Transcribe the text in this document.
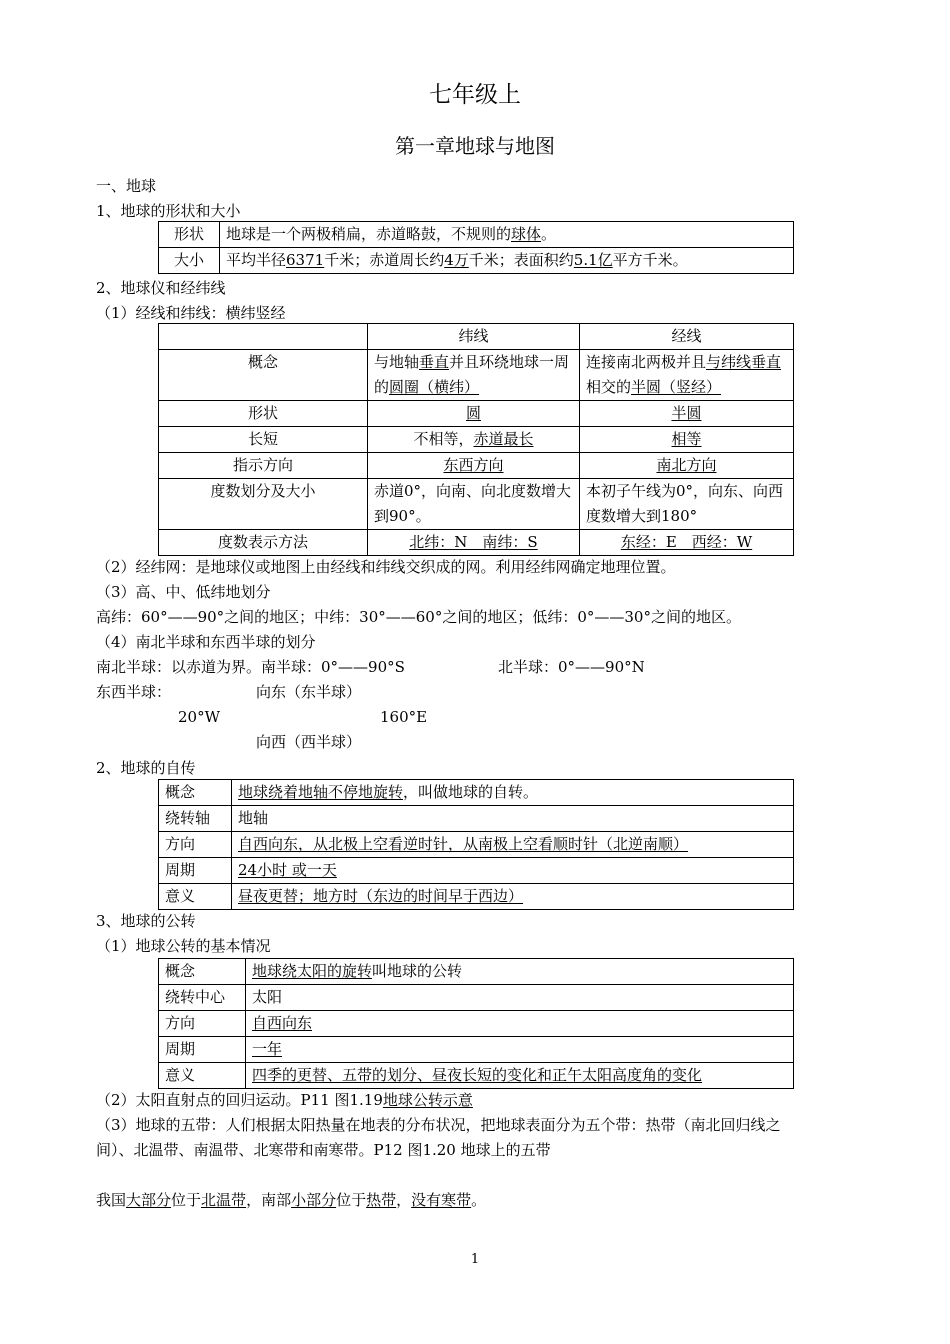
七年级上
第一章地球与地图
一、地球
1、地球的形状和大小
形状	地球是一个两极稍扁，赤道略鼓，不规则的球体。
大小	平均半径6371千米；赤道周长约4万千米；表面积约5.1亿平方千米。
2、地球仪和经纬线
（1）经线和纬线：横纬竖经
	纬线	经线
概念	与地轴垂直并且环绕地球一周的圆圈（横纬）	连接南北两极并且与纬线垂直相交的半圆（竖经）
形状	圆	半圆
长短	不相等，赤道最长	相等
指示方向	东西方向	南北方向
度数划分及大小	赤道0°，向南、向北度数增大到90°。	本初子午线为0°，向东、向西度数增大到180°
度数表示方法	北纬：N　南纬：S	东经：E　西经：W
（2）经纬网：是地球仪或地图上由经线和纬线交织成的网。利用经纬网确定地理位置。
（3）高、中、低纬地划分
高纬：60°——90°之间的地区；中纬：30°——60°之间的地区；低纬：0°——30°之间的地区。
（4）南北半球和东西半球的划分
南北半球：以赤道为界。南半球：0°——90°S	北半球：0°——90°N
东西半球：	向东（东半球）
20°W	160°E
向西（西半球）
2、地球的自传
概念	地球绕着地轴不停地旋转，叫做地球的自转。
绕转轴	地轴
方向	自西向东，从北极上空看逆时针，从南极上空看顺时针（北逆南顺）
周期	24小时 或一天
意义	昼夜更替；地方时（东边的时间早于西边）
3、地球的公转
（1）地球公转的基本情况
概念	地球绕太阳的旋转叫地球的公转
绕转中心	太阳
方向	自西向东
周期	一年
意义	四季的更替、五带的划分、昼夜长短的变化和正午太阳高度角的变化
（2）太阳直射点的回归运动。P11 图1.19地球公转示意
（3）地球的五带：人们根据太阳热量在地表的分布状况，把地球表面分为五个带：热带（南北回归线之
间）、北温带、南温带、北寒带和南寒带。P12 图1.20 地球上的五带
我国大部分位于北温带，南部小部分位于热带，没有寒带。
1
